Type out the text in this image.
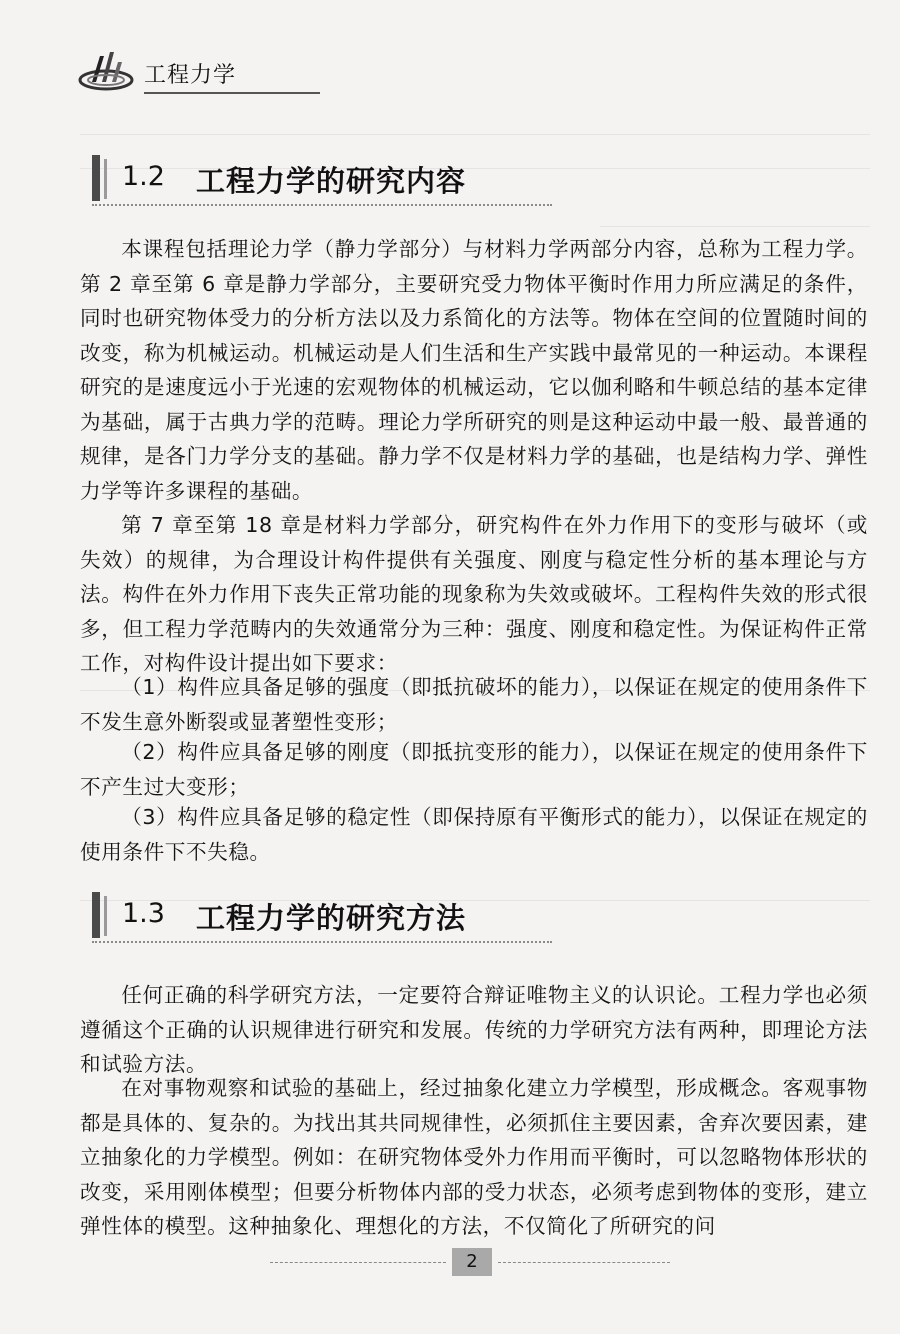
工程力学
1.2 工程力学的研究内容

本课程包括理论力学（静力学部分）与材料力学两部分内容，总称为工程力学。第 2 章至第 6 章是静力学部分，主要研究受力物体平衡时作用力所应满足的条件，同时也研究物体受力的分析方法以及力系简化的方法等。物体在空间的位置随时间的改变，称为机械运动。机械运动是人们生活和生产实践中最常见的一种运动。本课程研究的是速度远小于光速的宏观物体的机械运动，它以伽利略和牛顿总结的基本定律为基础，属于古典力学的范畴。理论力学所研究的则是这种运动中最一般、最普通的规律，是各门力学分支的基础。静力学不仅是材料力学的基础，也是结构力学、弹性力学等许多课程的基础。

第 7 章至第 18 章是材料力学部分，研究构件在外力作用下的变形与破坏（或失效）的规律，为合理设计构件提供有关强度、刚度与稳定性分析的基本理论与方法。构件在外力作用下丧失正常功能的现象称为失效或破坏。工程构件失效的形式很多，但工程力学范畴内的失效通常分为三种：强度、刚度和稳定性。为保证构件正常工作，对构件设计提出如下要求：

（1）构件应具备足够的强度（即抵抗破坏的能力），以保证在规定的使用条件下不发生意外断裂或显著塑性变形；

（2）构件应具备足够的刚度（即抵抗变形的能力），以保证在规定的使用条件下不产生过大变形；

（3）构件应具备足够的稳定性（即保持原有平衡形式的能力），以保证在规定的使用条件下不失稳。

1.3 工程力学的研究方法

任何正确的科学研究方法，一定要符合辩证唯物主义的认识论。工程力学也必须遵循这个正确的认识规律进行研究和发展。传统的力学研究方法有两种，即理论方法和试验方法。

在对事物观察和试验的基础上，经过抽象化建立力学模型，形成概念。客观事物都是具体的、复杂的。为找出其共同规律性，必须抓住主要因素，舍弃次要因素，建立抽象化的力学模型。例如：在研究物体受外力作用而平衡时，可以忽略物体形状的改变，采用刚体模型；但要分析物体内部的受力状态，必须考虑到物体的变形，建立弹性体的模型。这种抽象化、理想化的方法，不仅简化了所研究的问

2
